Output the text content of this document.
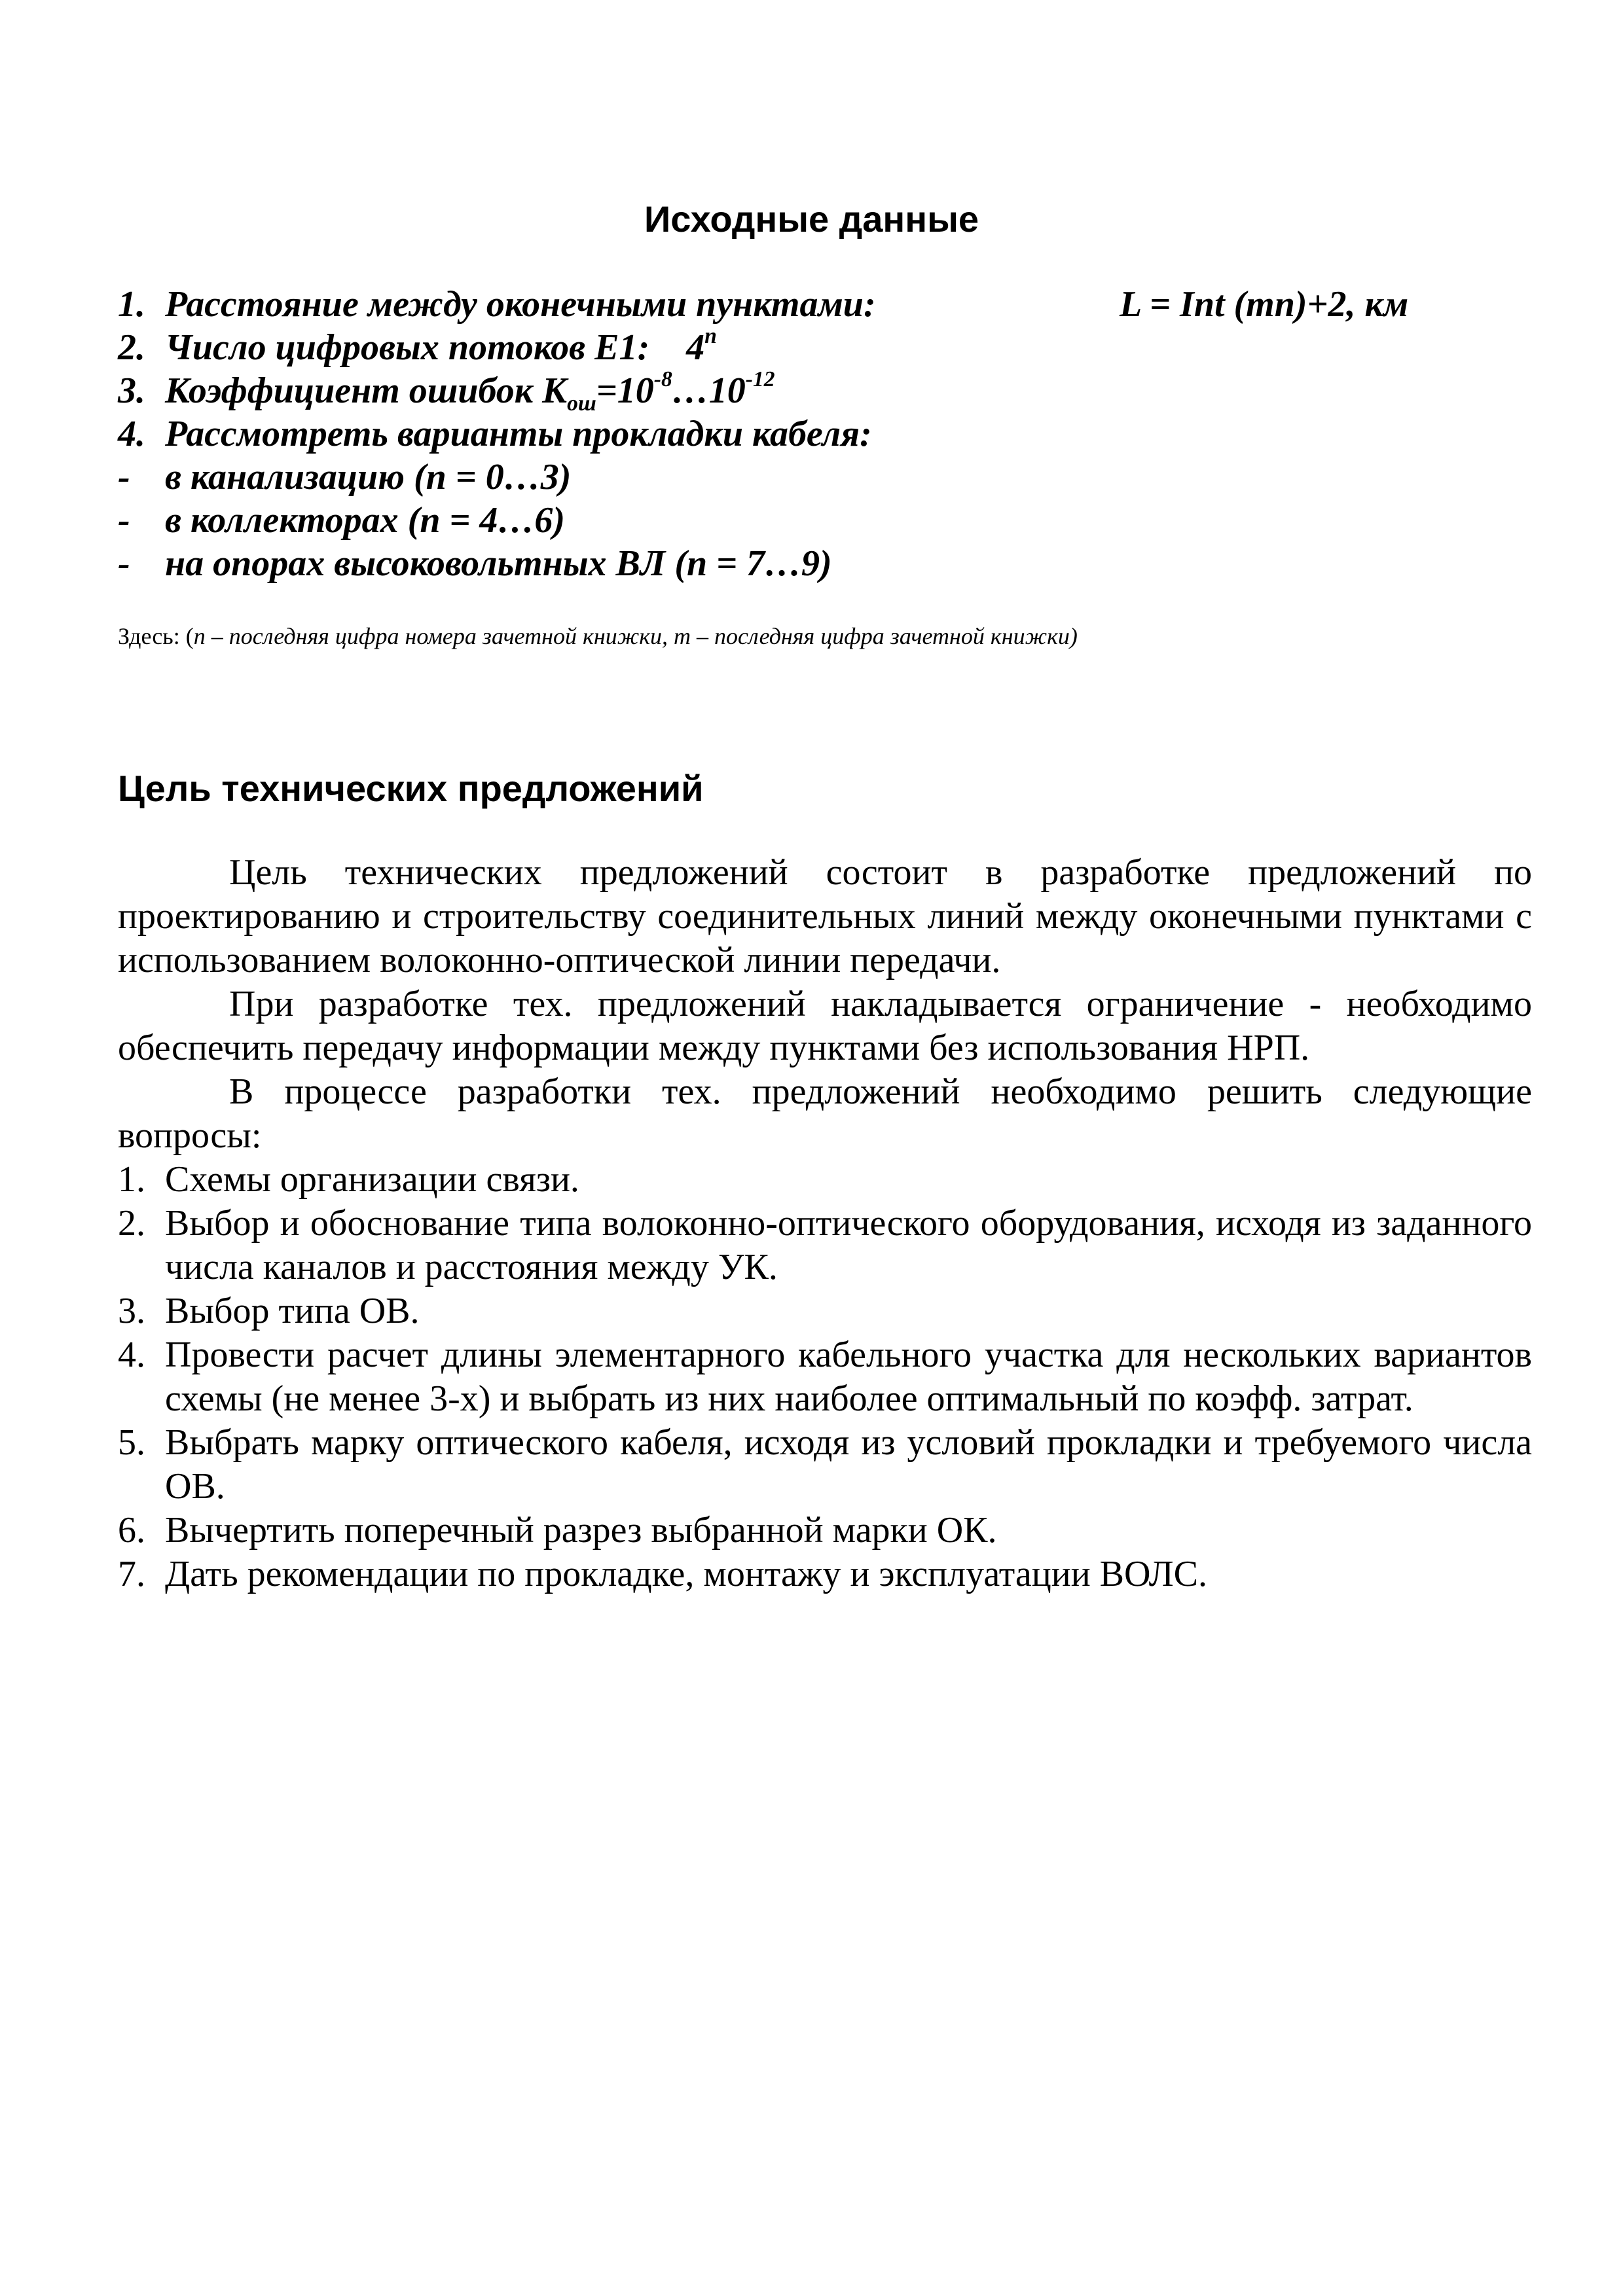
Исходные данные
1. Расстояние между оконечными пунктами:	L = Int (mn)+2, км
2. Число цифровых потоков Е1: 4$^n$
3. Коэффициент ошибок $К_{ош}=10^{-8}\dots 10^{-12}$
4. Рассмотреть варианты прокладки кабеля:
- в канализацию (n = 0…3)
- в коллекторах (n = 4…6)
- на опорах высоковольтных ВЛ (n = 7…9)
Здесь: (n – последняя цифра номера зачетной книжки, m – последняя цифра зачетной книжки)
Цель технических предложений

Цель технических предложений состоит в разработке предложений по проектированию и строительству соединительных линий между оконечными пунктами с использованием волоконно-оптической линии передачи.

При разработке тех. предложений накладывается ограничение - необходимо обеспечить передачу информации между пунктами без использования НРП.

В процессе разработки тех. предложений необходимо решить следующие вопросы:

1. Схемы организации связи.
2. Выбор и обоснование типа волоконно-оптического оборудования, исходя из заданного числа каналов и расстояния между УК.
3. Выбор типа ОВ.
4. Провести расчет длины элементарного кабельного участка для нескольких вариантов схемы (не менее 3-х) и выбрать из них наиболее оптимальный по коэфф. затрат.
5. Выбрать марку оптического кабеля, исходя из условий прокладки и требуемого числа ОВ.
6. Вычертить поперечный разрез выбранной марки ОК.
7. Дать рекомендации по прокладке, монтажу и эксплуатации ВОЛС.
